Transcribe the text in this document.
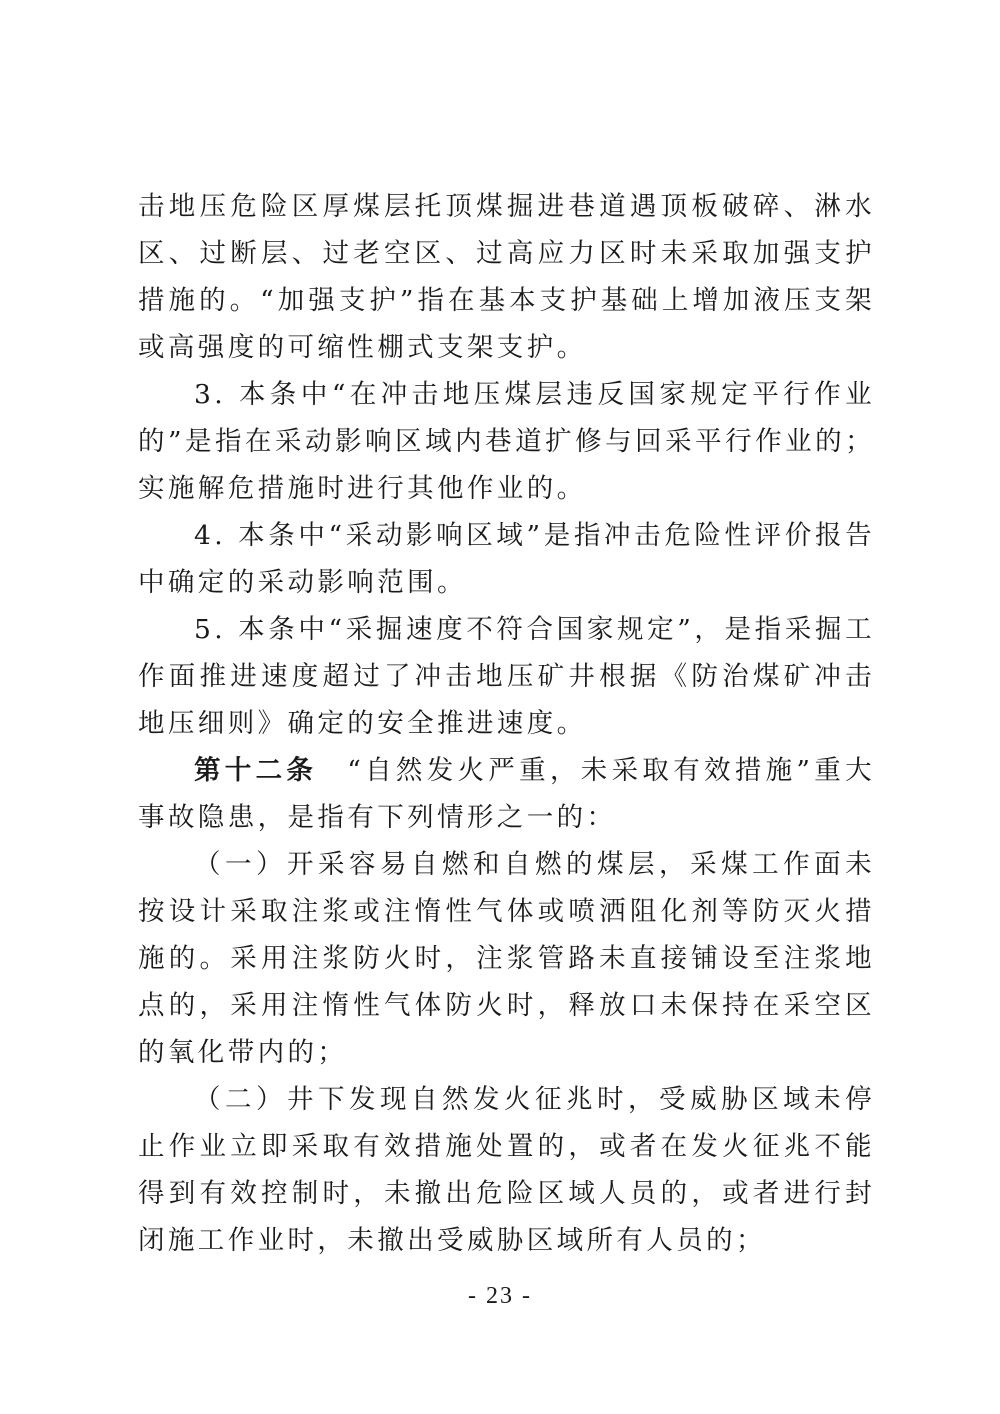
击地压危险区厚煤层托顶煤掘进巷道遇顶板破碎、淋水区、过断层、过老空区、过高应力区时未采取加强支护措施的。“加强支护”指在基本支护基础上增加液压支架或高强度的可缩性棚式支架支护。

3. 本条中“在冲击地压煤层违反国家规定平行作业的”是指在采动影响区域内巷道扩修与回采平行作业的；实施解危措施时进行其他作业的。

4. 本条中“采动影响区域”是指冲击危险性评价报告中确定的采动影响范围。

5. 本条中“采掘速度不符合国家规定”，是指采掘工作面推进速度超过了冲击地压矿井根据《防治煤矿冲击地压细则》确定的安全推进速度。

第十二条 “自然发火严重，未采取有效措施”重大事故隐患，是指有下列情形之一的：

（一）开采容易自燃和自燃的煤层，采煤工作面未按设计采取注浆或注惰性气体或喷洒阻化剂等防灭火措施的。采用注浆防火时，注浆管路未直接铺设至注浆地点的，采用注惰性气体防火时，释放口未保持在采空区的氧化带内的；

（二）井下发现自然发火征兆时，受威胁区域未停止作业立即采取有效措施处置的，或者在发火征兆不能得到有效控制时，未撤出危险区域人员的，或者进行封闭施工作业时，未撤出受威胁区域所有人员的；

- 23 -
